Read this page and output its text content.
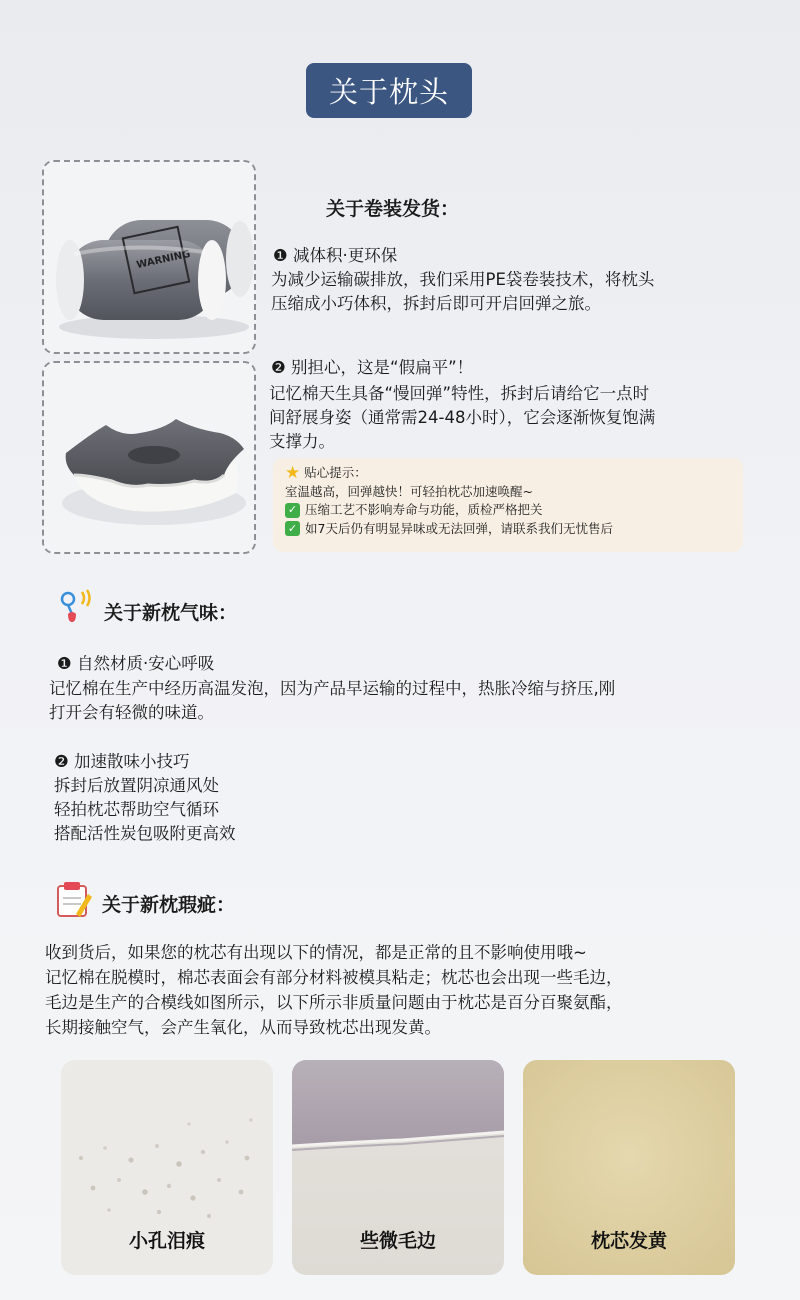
关于枕头
WARNING
关于卷装发货：
❶ 减体积·更环保
为减少运输碳排放，我们采用PE袋卷装技术，将枕头
压缩成小巧体积，拆封后即可开启回弹之旅。
❷ 别担心，这是“假扁平”！
记忆棉天生具备“慢回弹”特性，拆封后请给它一点时
间舒展身姿（通常需24-48小时），它会逐渐恢复饱满
支撑力。
★ 贴心提示：
室温越高，回弹越快！可轻拍枕芯加速唤醒~
✓ 压缩工艺不影响寿命与功能，质检严格把关
✓ 如7天后仍有明显异味或无法回弹，请联系我们无忧售后
关于新枕气味：
❶ 自然材质·安心呼吸
记忆棉在生产中经历高温发泡，因为产品早运输的过程中，热胀冷缩与挤压,刚
打开会有轻微的味道。
❷ 加速散味小技巧
拆封后放置阴凉通风处
轻拍枕芯帮助空气循环
搭配活性炭包吸附更高效
关于新枕瑕疵：
收到货后，如果您的枕芯有出现以下的情况，都是正常的且不影响使用哦~
记忆棉在脱模时，棉芯表面会有部分材料被模具粘走；枕芯也会出现一些毛边，
毛边是生产的合模线如图所示，以下所示非质量问题由于枕芯是百分百聚氨酯，
长期接触空气，会产生氧化，从而导致枕芯出现发黄。
小孔泪痕	些微毛边	枕芯发黄
